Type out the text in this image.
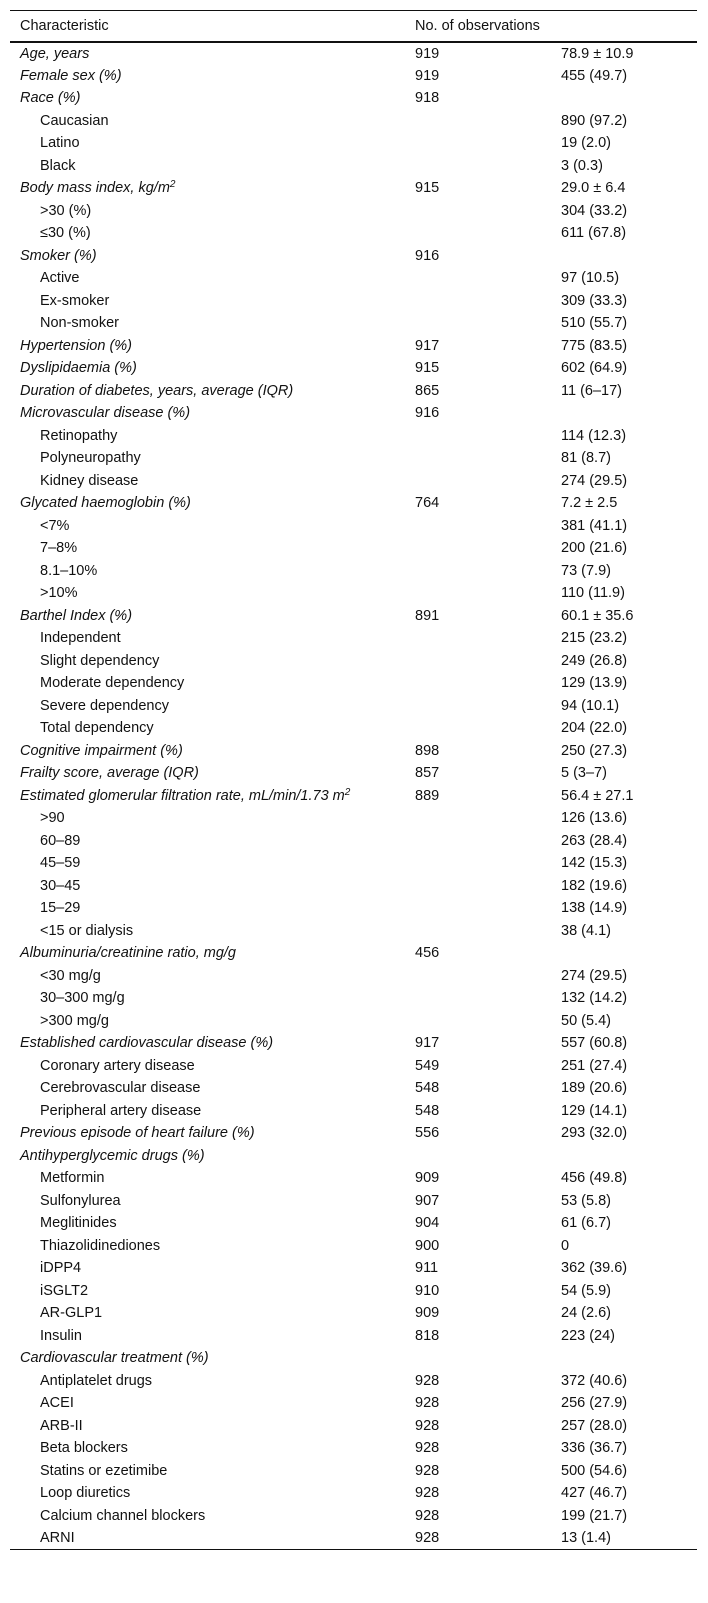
Characteristic	No. of observations	
Age, years	919	78.9 ± 10.9
Female sex (%)	919	455 (49.7)
Race (%)	918	
Caucasian		890 (97.2)
Latino		19 (2.0)
Black		3 (0.3)
Body mass index, $kg/m^2$	915	29.0 ± 6.4
>30 (%)		304 (33.2)
≤30 (%)		611 (67.8)
Smoker (%)	916	
Active		97 (10.5)
Ex-smoker		309 (33.3)
Non-smoker		510 (55.7)
Hypertension (%)	917	775 (83.5)
Dyslipidaemia (%)	915	602 (64.9)
Duration of diabetes, years, average (IQR)	865	11 (6–17)
Microvascular disease (%)	916	
Retinopathy		114 (12.3)
Polyneuropathy		81 (8.7)
Kidney disease		274 (29.5)
Glycated haemoglobin (%)	764	7.2 ± 2.5
<7%		381 (41.1)
7–8%		200 (21.6)
8.1–10%		73 (7.9)
>10%		110 (11.9)
Barthel Index (%)	891	60.1 ± 35.6
Independent		215 (23.2)
Slight dependency		249 (26.8)
Moderate dependency		129 (13.9)
Severe dependency		94 (10.1)
Total dependency		204 (22.0)
Cognitive impairment (%)	898	250 (27.3)
Frailty score, average (IQR)	857	5 (3–7)
Estimated glomerular filtration rate, mL/min/1.73 $m^2$	889	56.4 ± 27.1
>90		126 (13.6)
60–89		263 (28.4)
45–59		142 (15.3)
30–45		182 (19.6)
15–29		138 (14.9)
<15 or dialysis		38 (4.1)
Albuminuria/creatinine ratio, mg/g	456	
<30 mg/g		274 (29.5)
30–300 mg/g		132 (14.2)
>300 mg/g		50 (5.4)
Established cardiovascular disease (%)	917	557 (60.8)
Coronary artery disease	549	251 (27.4)
Cerebrovascular disease	548	189 (20.6)
Peripheral artery disease	548	129 (14.1)
Previous episode of heart failure (%)	556	293 (32.0)
Antihyperglycemic drugs (%)		
Metformin	909	456 (49.8)
Sulfonylurea	907	53 (5.8)
Meglitinides	904	61 (6.7)
Thiazolidinediones	900	0
iDPP4	911	362 (39.6)
iSGLT2	910	54 (5.9)
AR-GLP1	909	24 (2.6)
Insulin	818	223 (24)
Cardiovascular treatment (%)		
Antiplatelet drugs	928	372 (40.6)
ACEI	928	256 (27.9)
ARB-II	928	257 (28.0)
Beta blockers	928	336 (36.7)
Statins or ezetimibe	928	500 (54.6)
Loop diuretics	928	427 (46.7)
Calcium channel blockers	928	199 (21.7)
ARNI	928	13 (1.4)
